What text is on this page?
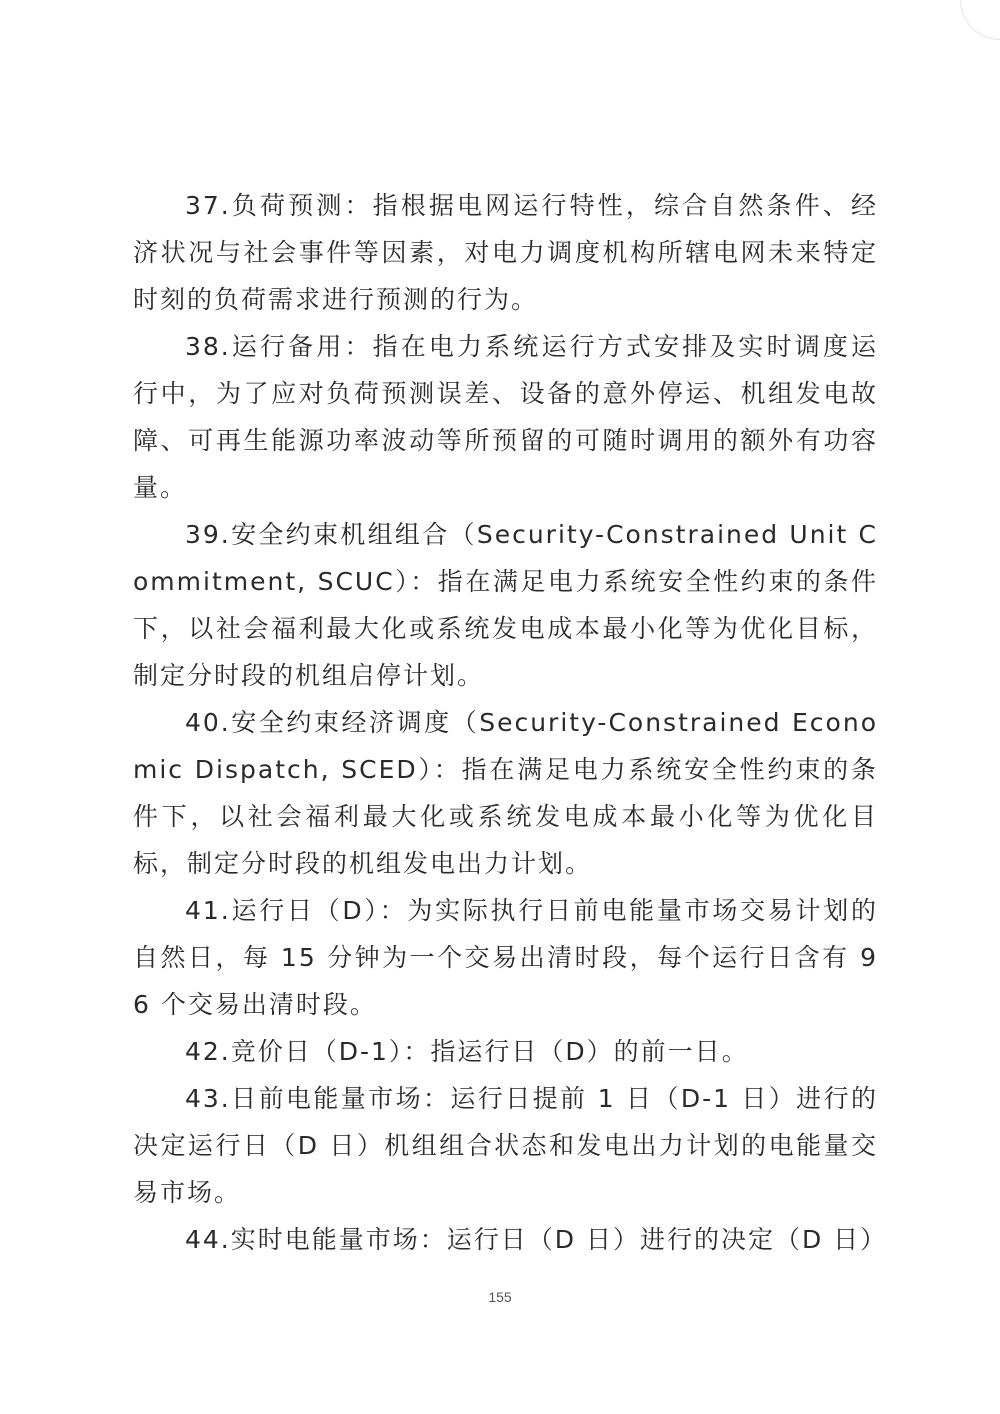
37.负荷预测：指根据电网运行特性，综合自然条件、经济状况与社会事件等因素，对电力调度机构所辖电网未来特定时刻的负荷需求进行预测的行为。

38.运行备用：指在电力系统运行方式安排及实时调度运行中，为了应对负荷预测误差、设备的意外停运、机组发电故障、可再生能源功率波动等所预留的可随时调用的额外有功容量。

39.安全约束机组组合（Security-Constrained Unit Commitment, SCUC）：指在满足电力系统安全性约束的条件下，以社会福利最大化或系统发电成本最小化等为优化目标，制定分时段的机组启停计划。

40.安全约束经济调度（Security-Constrained Economic Dispatch, SCED）：指在满足电力系统安全性约束的条件下，以社会福利最大化或系统发电成本最小化等为优化目标，制定分时段的机组发电出力计划。

41.运行日（D）：为实际执行日前电能量市场交易计划的自然日，每 15 分钟为一个交易出清时段，每个运行日含有 96 个交易出清时段。

42.竞价日（D-1）：指运行日（D）的前一日。

43.日前电能量市场：运行日提前 1 日（D-1 日）进行的决定运行日（D 日）机组组合状态和发电出力计划的电能量交易市场。

44.实时电能量市场：运行日（D 日）进行的决定（D 日）

155
